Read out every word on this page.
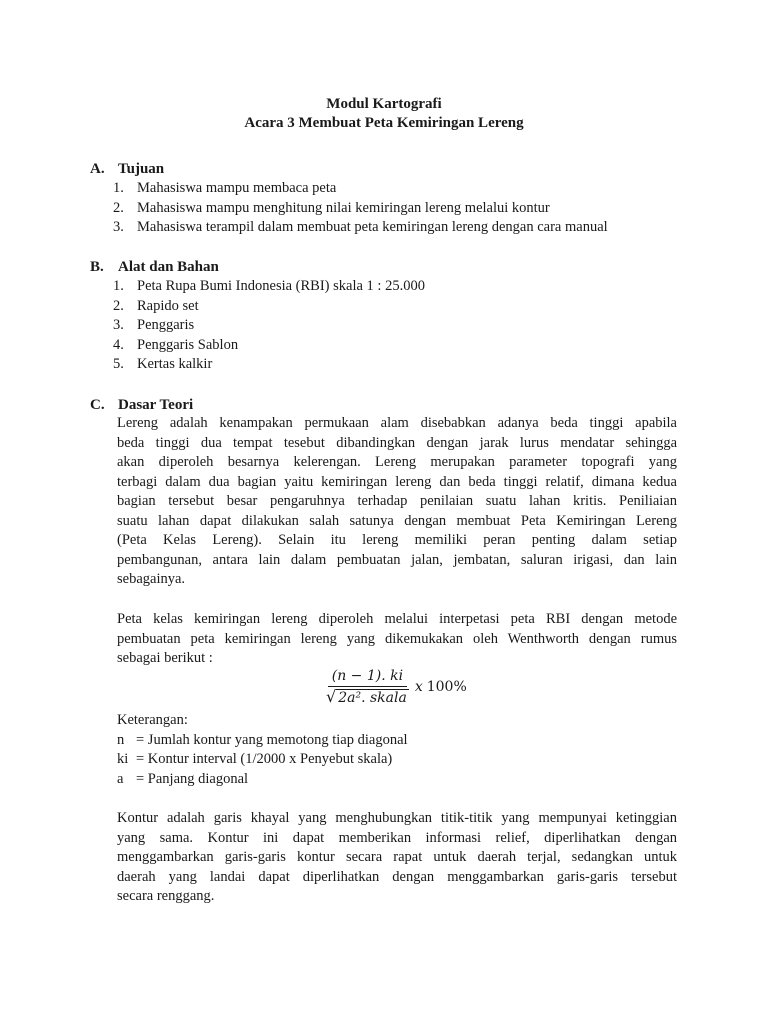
Modul Kartografi
Acara 3 Membuat Peta Kemiringan Lereng
A. Tujuan
1. Mahasiswa mampu membaca peta
2. Mahasiswa mampu menghitung nilai kemiringan lereng melalui kontur
3. Mahasiswa terampil dalam membuat peta kemiringan lereng dengan cara manual
B. Alat dan Bahan
1. Peta Rupa Bumi Indonesia (RBI) skala 1 : 25.000
2. Rapido set
3. Penggaris
4. Penggaris Sablon
5. Kertas kalkir
C. Dasar Teori
Lereng adalah kenampakan permukaan alam disebabkan adanya beda tinggi apabila
beda tinggi dua tempat tesebut dibandingkan dengan jarak lurus mendatar sehingga
akan diperoleh besarnya kelerengan. Lereng merupakan parameter topografi yang
terbagi dalam dua bagian yaitu kemiringan lereng dan beda tinggi relatif, dimana kedua
bagian tersebut besar pengaruhnya terhadap penilaian suatu lahan kritis. Peniliaian
suatu lahan dapat dilakukan salah satunya dengan membuat Peta Kemiringan Lereng
(Peta Kelas Lereng). Selain itu lereng memiliki peran penting dalam setiap
pembangunan, antara lain dalam pembuatan jalan, jembatan, saluran irigasi, dan lain
sebagainya.
Peta kelas kemiringan lereng diperoleh melalui interpetasi peta RBI dengan metode
pembuatan peta kemiringan lereng yang dikemukakan oleh Wenthworth dengan rumus
sebagai berikut :
$\frac{(n - 1). ki}{\text{√ 2a². skala}}$ x 100%
Keterangan:
n = Jumlah kontur yang memotong tiap diagonal
ki = Kontur interval (1/2000 x Penyebut skala)
a = Panjang diagonal
Kontur adalah garis khayal yang menghubungkan titik-titik yang mempunyai ketinggian
yang sama. Kontur ini dapat memberikan informasi relief, diperlihatkan dengan
menggambarkan garis-garis kontur secara rapat untuk daerah terjal, sedangkan untuk
daerah yang landai dapat diperlihatkan dengan menggambarkan garis-garis tersebut
secara renggang.
